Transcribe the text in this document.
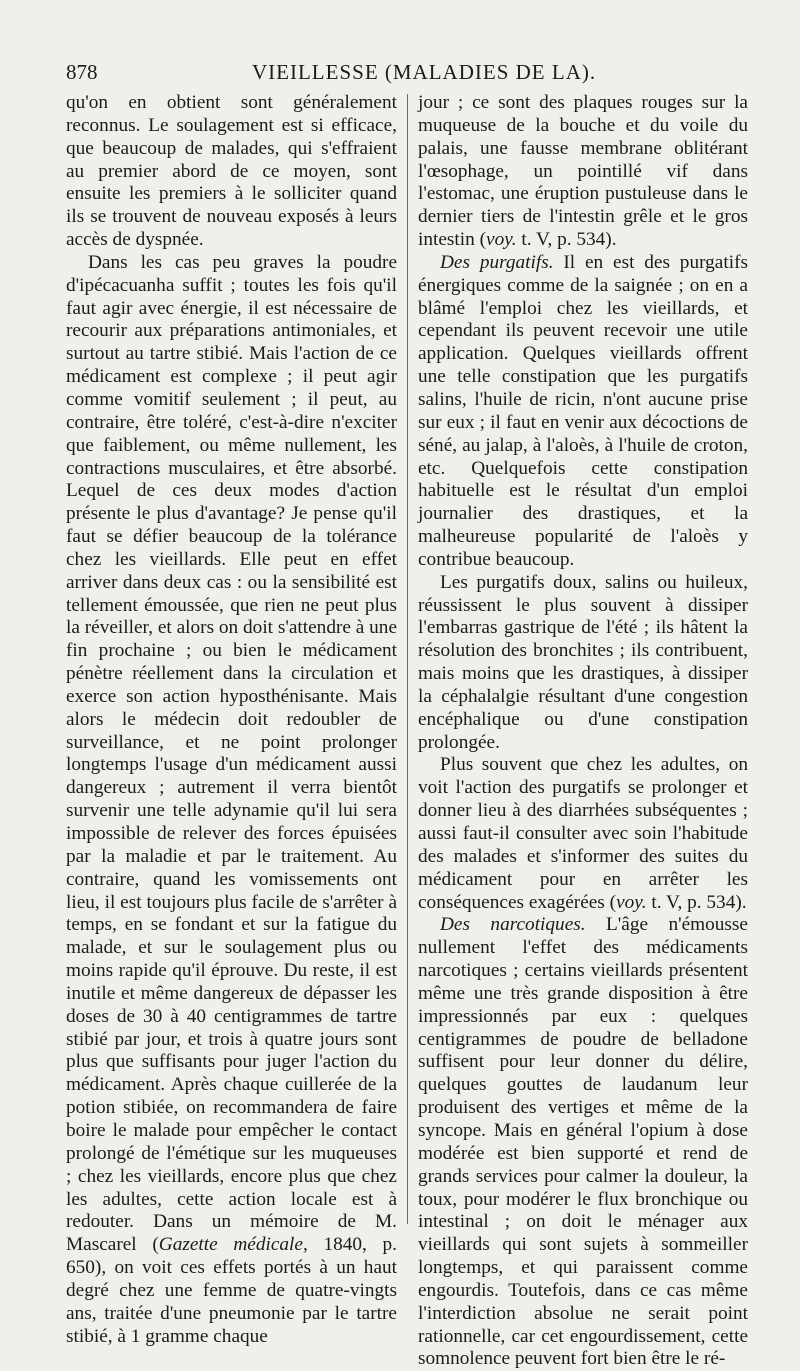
878	VIEILLESSE (MALADIES DE LA).

qu'on en obtient sont généralement reconnus. Le soulagement est si efficace, que beaucoup de malades, qui s'effraient au premier abord de ce moyen, sont ensuite les premiers à le solliciter quand ils se trouvent de nouveau exposés à leurs accès de dyspnée.

Dans les cas peu graves la poudre d'ipécacuanha suffit ; toutes les fois qu'il faut agir avec énergie, il est nécessaire de recourir aux préparations antimoniales, et surtout au tartre stibié. Mais l'action de ce médicament est complexe ; il peut agir comme vomitif seulement ; il peut, au contraire, être toléré, c'est-à-dire n'exciter que faiblement, ou même nullement, les contractions musculaires, et être absorbé. Lequel de ces deux modes d'action présente le plus d'avantage? Je pense qu'il faut se défier beaucoup de la tolérance chez les vieillards. Elle peut en effet arriver dans deux cas : ou la sensibilité est tellement émoussée, que rien ne peut plus la réveiller, et alors on doit s'attendre à une fin prochaine ; ou bien le médicament pénètre réellement dans la circulation et exerce son action hyposthénisante. Mais alors le médecin doit redoubler de surveillance, et ne point prolonger longtemps l'usage d'un médicament aussi dangereux ; autrement il verra bientôt survenir une telle adynamie qu'il lui sera impossible de relever des forces épuisées par la maladie et par le traitement. Au contraire, quand les vomissements ont lieu, il est toujours plus facile de s'arrêter à temps, en se fondant et sur la fatigue du malade, et sur le soulagement plus ou moins rapide qu'il éprouve. Du reste, il est inutile et même dangereux de dépasser les doses de 30 à 40 centigrammes de tartre stibié par jour, et trois à quatre jours sont plus que suffisants pour juger l'action du médicament. Après chaque cuillerée de la potion stibiée, on recommandera de faire boire le malade pour empêcher le contact prolongé de l'émétique sur les muqueuses ; chez les vieillards, encore plus que chez les adultes, cette action locale est à redouter. Dans un mémoire de M. Mascarel (Gazette médicale, 1840, p. 650), on voit ces effets portés à un haut degré chez une femme de quatre-vingts ans, traitée d'une pneumonie par le tartre stibié, à 1 gramme chaque

jour ; ce sont des plaques rouges sur la muqueuse de la bouche et du voile du palais, une fausse membrane oblitérant l'œsophage, un pointillé vif dans l'estomac, une éruption pustuleuse dans le dernier tiers de l'intestin grêle et le gros intestin (voy. t. V, p. 534).

Des purgatifs. Il en est des purgatifs énergiques comme de la saignée ; on en a blâmé l'emploi chez les vieillards, et cependant ils peuvent recevoir une utile application. Quelques vieillards offrent une telle constipation que les purgatifs salins, l'huile de ricin, n'ont aucune prise sur eux ; il faut en venir aux décoctions de séné, au jalap, à l'aloès, à l'huile de croton, etc. Quelquefois cette constipation habituelle est le résultat d'un emploi journalier des drastiques, et la malheureuse popularité de l'aloès y contribue beaucoup.

Les purgatifs doux, salins ou huileux, réussissent le plus souvent à dissiper l'embarras gastrique de l'été ; ils hâtent la résolution des bronchites ; ils contribuent, mais moins que les drastiques, à dissiper la céphalalgie résultant d'une congestion encéphalique ou d'une constipation prolongée.

Plus souvent que chez les adultes, on voit l'action des purgatifs se prolonger et donner lieu à des diarrhées subséquentes ; aussi faut-il consulter avec soin l'habitude des malades et s'informer des suites du médicament pour en arrêter les conséquences exagérées (voy. t. V, p. 534).

Des narcotiques. L'âge n'émousse nullement l'effet des médicaments narcotiques ; certains vieillards présentent même une très grande disposition à être impressionnés par eux : quelques centigrammes de poudre de belladone suffisent pour leur donner du délire, quelques gouttes de laudanum leur produisent des vertiges et même de la syncope. Mais en général l'opium à dose modérée est bien supporté et rend de grands services pour calmer la douleur, la toux, pour modérer le flux bronchique ou intestinal ; on doit le ménager aux vieillards qui sont sujets à sommeiller longtemps, et qui paraissent comme engourdis. Toutefois, dans ce cas même l'interdiction absolue ne serait point rationnelle, car cet engourdissement, cette somnolence peuvent fort bien être le ré-
